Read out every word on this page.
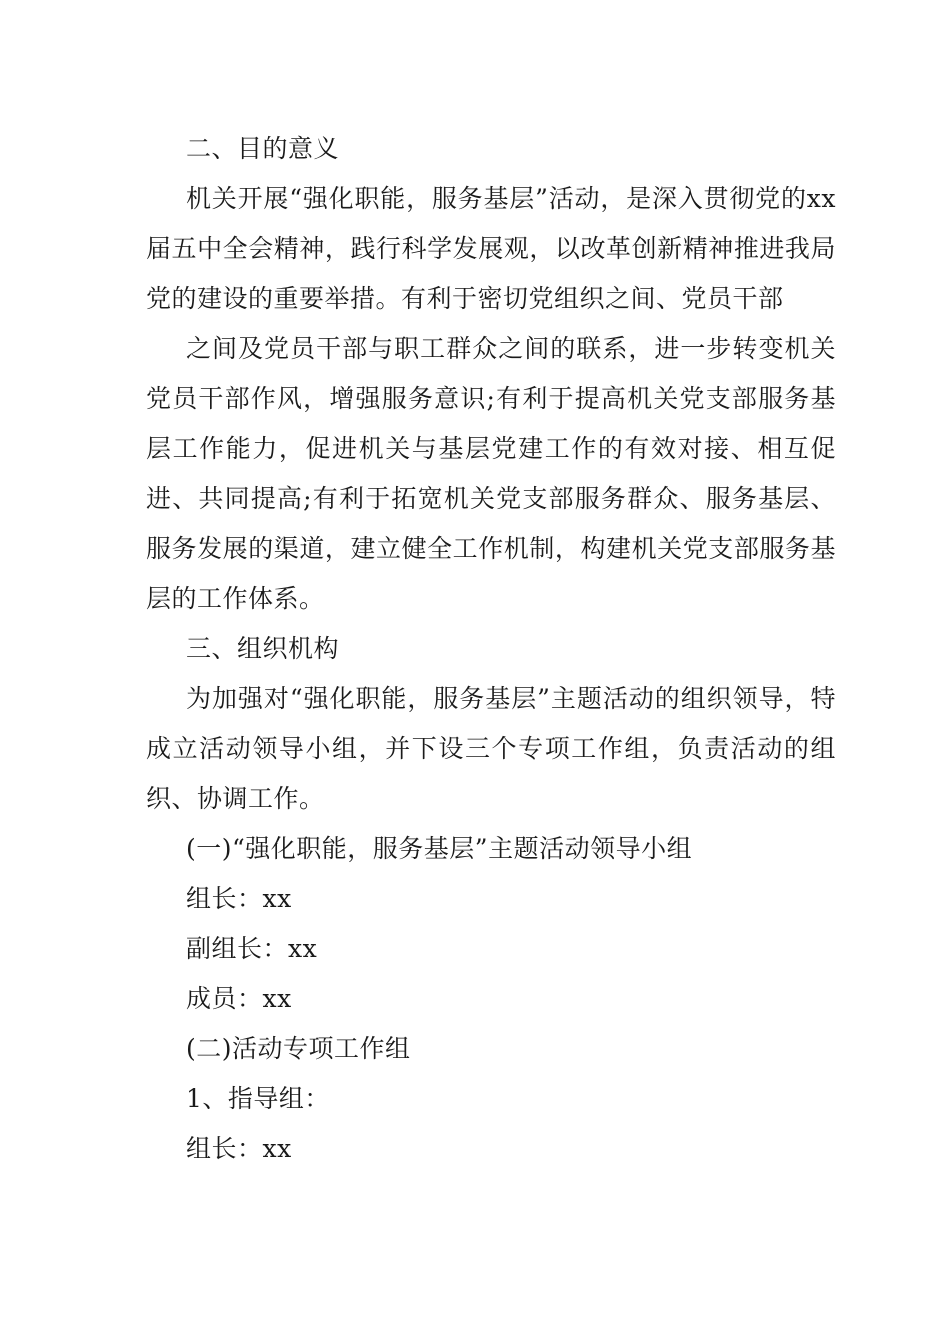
二、目的意义

机关开展“强化职能，服务基层”活动，是深入贯彻党的xx届五中全会精神，践行科学发展观，以改革创新精神推进我局党的建设的重要举措。有利于密切党组织之间、党员干部

之间及党员干部与职工群众之间的联系，进一步转变机关党员干部作风，增强服务意识;有利于提高机关党支部服务基层工作能力，促进机关与基层党建工作的有效对接、相互促进、共同提高;有利于拓宽机关党支部服务群众、服务基层、服务发展的渠道，建立健全工作机制，构建机关党支部服务基层的工作体系。

三、组织机构

为加强对“强化职能，服务基层”主题活动的组织领导，特成立活动领导小组，并下设三个专项工作组，负责活动的组织、协调工作。

(一)“强化职能，服务基层”主题活动领导小组

组长：xx

副组长：xx

成员：xx

(二)活动专项工作组

1、指导组：

组长：xx
